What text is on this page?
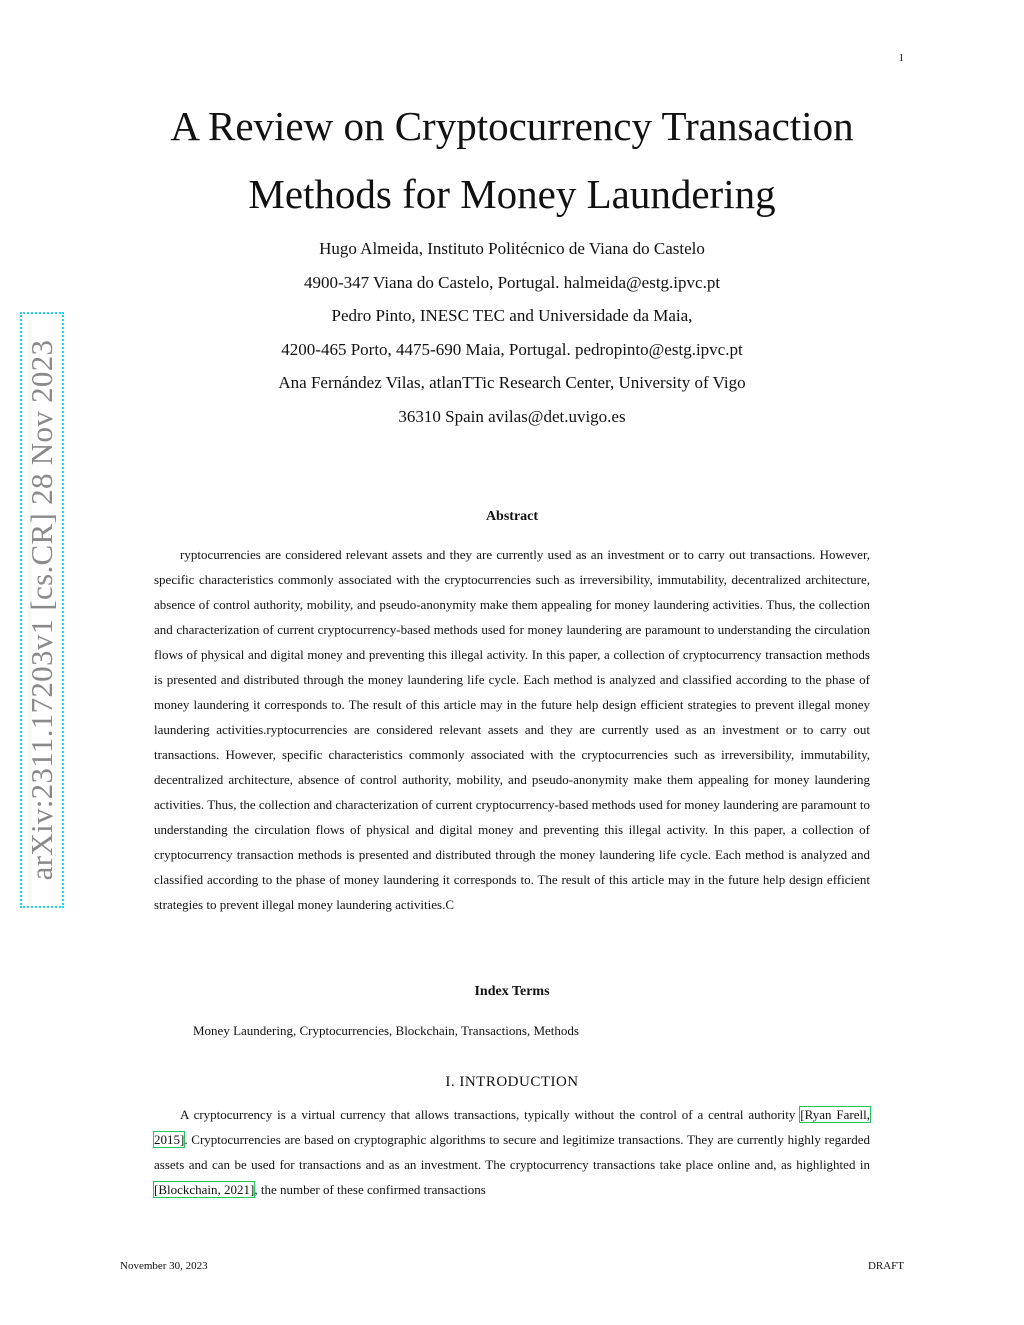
1
arXiv:2311.17203v1 [cs.CR] 28 Nov 2023
A Review on Cryptocurrency Transaction
Methods for Money Laundering
Hugo Almeida, Instituto Politécnico de Viana do Castelo
4900-347 Viana do Castelo, Portugal. halmeida@estg.ipvc.pt
Pedro Pinto, INESC TEC and Universidade da Maia,
4200-465 Porto, 4475-690 Maia, Portugal. pedropinto@estg.ipvc.pt
Ana Fernández Vilas, atlanTTic Research Center, University of Vigo
36310 Spain avilas@det.uvigo.es
Abstract

ryptocurrencies are considered relevant assets and they are currently used as an investment or to carry out transactions. However, specific characteristics commonly associated with the cryptocurrencies such as irreversibility, immutability, decentralized architecture, absence of control authority, mobility, and pseudo-anonymity make them appealing for money laundering activities. Thus, the collection and characterization of current cryptocurrency-based methods used for money laundering are paramount to understanding the circulation flows of physical and digital money and preventing this illegal activity. In this paper, a collection of cryptocurrency transaction methods is presented and distributed through the money laundering life cycle. Each method is analyzed and classified according to the phase of money laundering it corresponds to. The result of this article may in the future help design efficient strategies to prevent illegal money laundering activities.ryptocurrencies are considered relevant assets and they are currently used as an investment or to carry out transactions. However, specific characteristics commonly associated with the cryptocurrencies such as irreversibility, immutability, decentralized architecture, absence of control authority, mobility, and pseudo-anonymity make them appealing for money laundering activities. Thus, the collection and characterization of current cryptocurrency-based methods used for money laundering are paramount to understanding the circulation flows of physical and digital money and preventing this illegal activity. In this paper, a collection of cryptocurrency transaction methods is presented and distributed through the money laundering life cycle. Each method is analyzed and classified according to the phase of money laundering it corresponds to. The result of this article may in the future help design efficient strategies to prevent illegal money laundering activities.C

Index Terms
Money Laundering, Cryptocurrencies, Blockchain, Transactions, Methods
I. INTRODUCTION

A cryptocurrency is a virtual currency that allows transactions, typically without the control of a central authority [Ryan Farell, 2015]. Cryptocurrencies are based on cryptographic algorithms to secure and legitimize transactions. They are currently highly regarded assets and can be used for transactions and as an investment. The cryptocurrency transactions take place online and, as highlighted in [Blockchain, 2021], the number of these confirmed transactions

November 30, 2023	DRAFT
